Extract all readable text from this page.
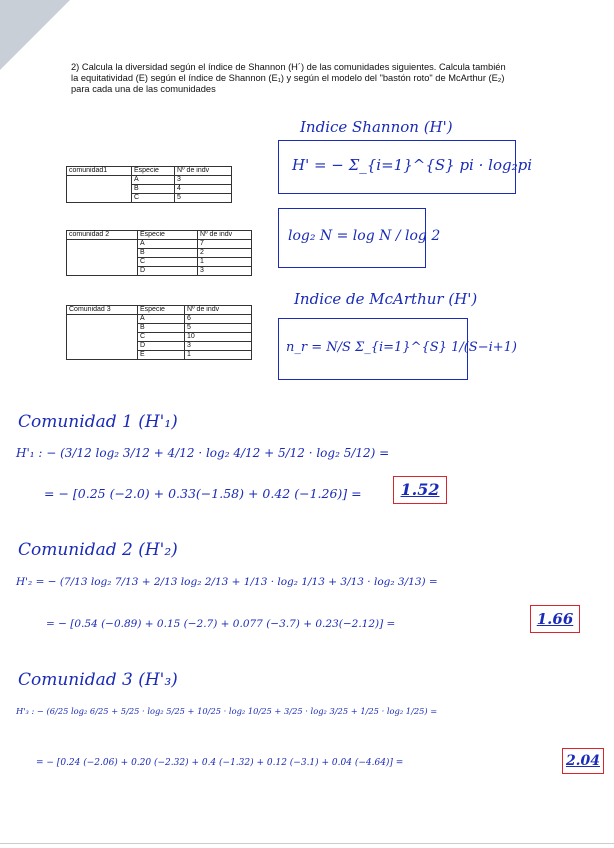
2) Calcula la diversidad según el índice de Shannon (H´) de las comunidades siguientes. Calcula también la equitatividad (E) según el índice de Shannon (E₁) y según el modelo del "bastón roto" de McArthur (E₂) para cada una de las comunidades
comunidad1	Especie	Nº de indv
	A	3
	B	4
	C	5
comunidad 2	Especie	Nº de indv
	A	7
	B	2
	C	1
	D	3
Comunidad 3	Especie	Nº de indv
	A	6
	B	5
	C	10
	D	3
	E	1
Indice Shannon (H')
H' = − Σ_{i=1}^{S} pi · log₂pi
log₂ N = log N / log 2
Indice de McArthur (H')
n_r = N/S Σ_{i=1}^{S} 1/(S−i+1)
Comunidad 1 (H'₁)
H'₁ : − (3/12 log₂ 3/12 + 4/12 · log₂ 4/12 + 5/12 · log₂ 5/12) =
= − [0.25 (−2.0) + 0.33(−1.58) + 0.42 (−1.26)] =	1.52
Comunidad 2 (H'₂)
H'₂ = − (7/13 log₂ 7/13 + 2/13 log₂ 2/13 + 1/13 · log₂ 1/13 + 3/13 · log₂ 3/13) =
= − [0.54 (−0.89) + 0.15 (−2.7) + 0.077 (−3.7) + 0.23(−2.12)] =	1.66
Comunidad 3 (H'₃)
H'₃ : − (6/25 log₂ 6/25 + 5/25 · log₂ 5/25 + 10/25 · log₂ 10/25 + 3/25 · log₂ 3/25 + 1/25 · log₂ 1/25) =
= − [0.24 (−2.06) + 0.20 (−2.32) + 0.4 (−1.32) + 0.12 (−3.1) + 0.04 (−4.64)] =	2.04
